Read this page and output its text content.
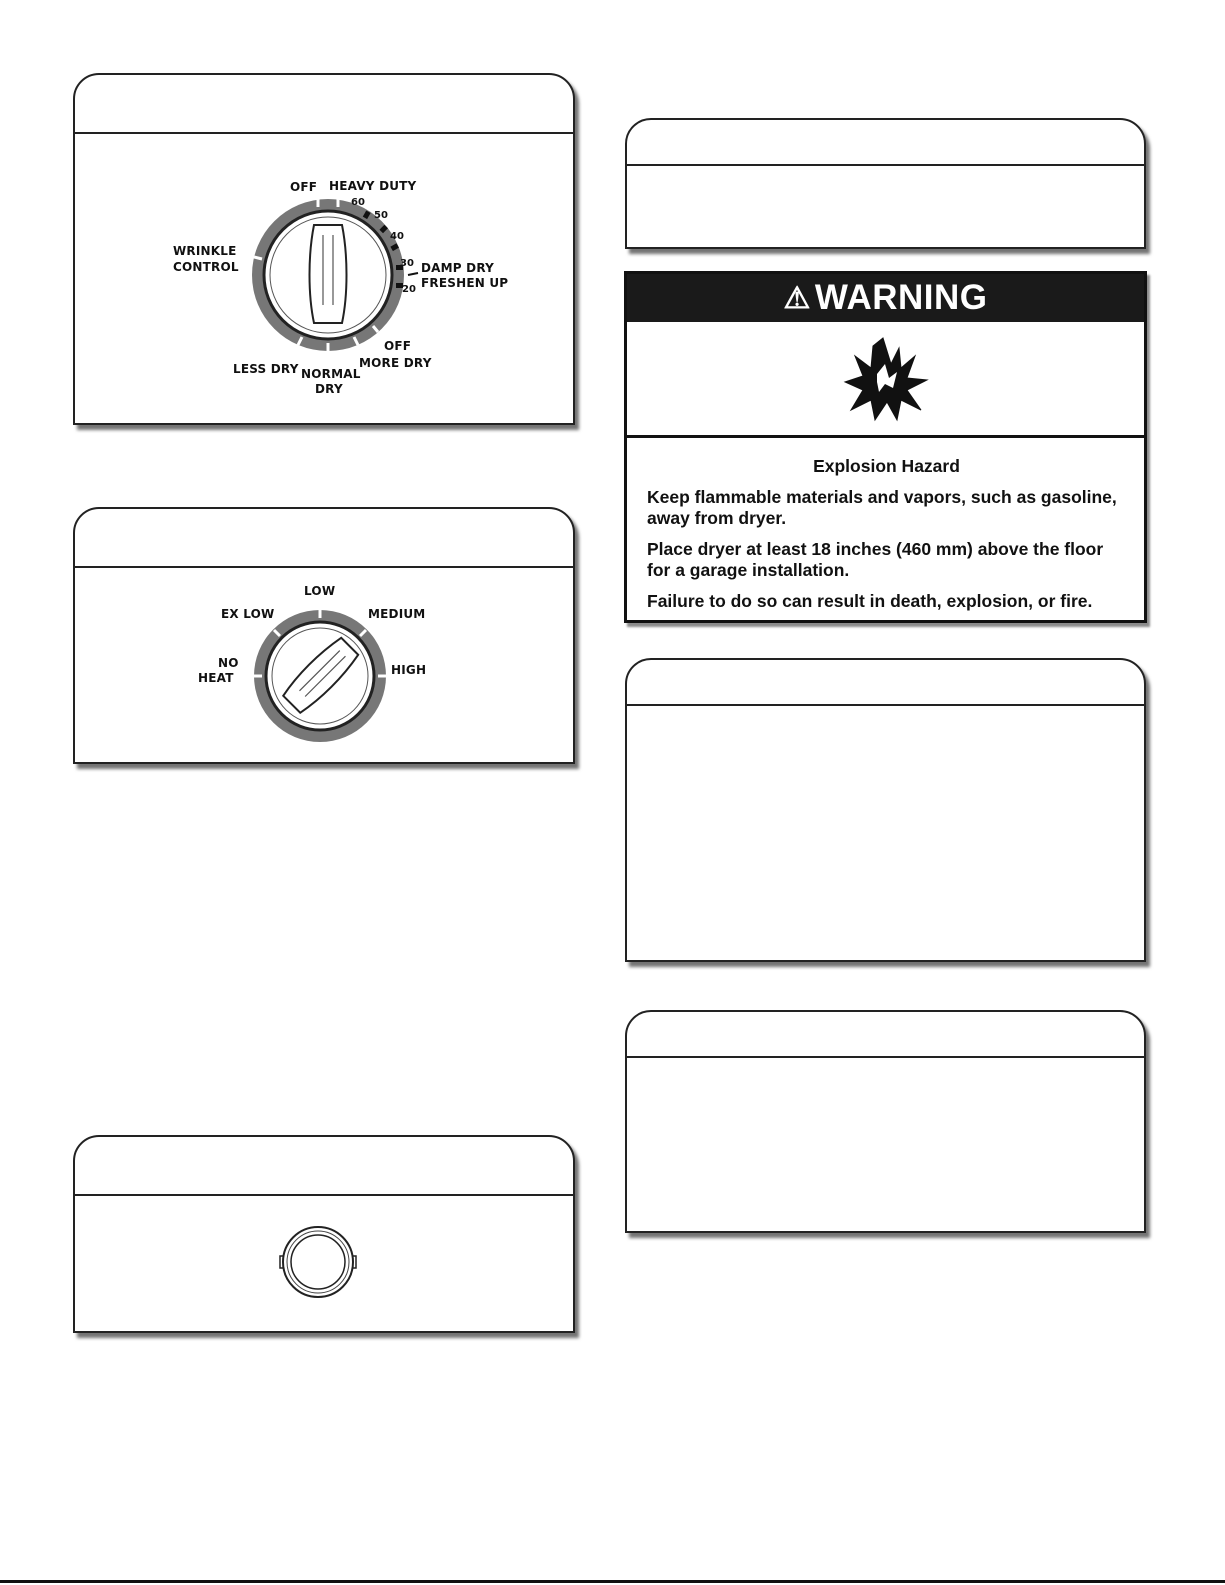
OFF HEAVY DUTY
60
50
40
30
20
WRINKLE
CONTROL	DAMP DRY
FRESHEN UP
OFF
MORE DRY
LESS DRY NORMAL
DRY
LOW
EX LOW	MEDIUM
NO
HEAT
HIGH
⚠ WARNING
Explosion Hazard

Keep flammable materials and vapors, such as gasoline, away from dryer.

Place dryer at least 18 inches (460 mm) above the floor for a garage installation.

Failure to do so can result in death, explosion, or fire.
